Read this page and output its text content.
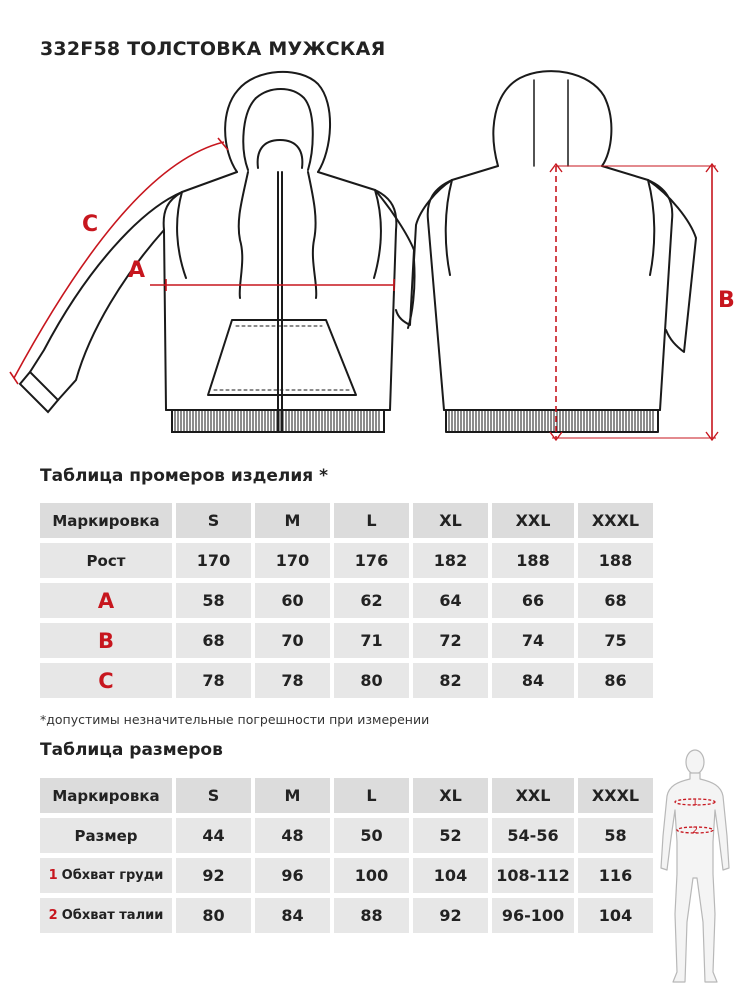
332F58 ТОЛСТОВКА МУЖСКАЯ
C
A
B
Таблица промеров изделия *
Маркировка	S	M	L	XL	XXL	XXXL
Рост	170	170	176	182	188	188
A	58	60	62	64	66	68
B	68	70	71	72	74	75
C	78	78	80	82	84	86
*допустимы незначительные погрешности при измерении
Таблица размеров
Маркировка	S	M	L	XL	XXL	XXXL
Размер	44	48	50	52	54-56	58
1 Обхват груди	92	96	100	104	108-112	116
2 Обхват талии	80	84	88	92	96-100	104
1
2
